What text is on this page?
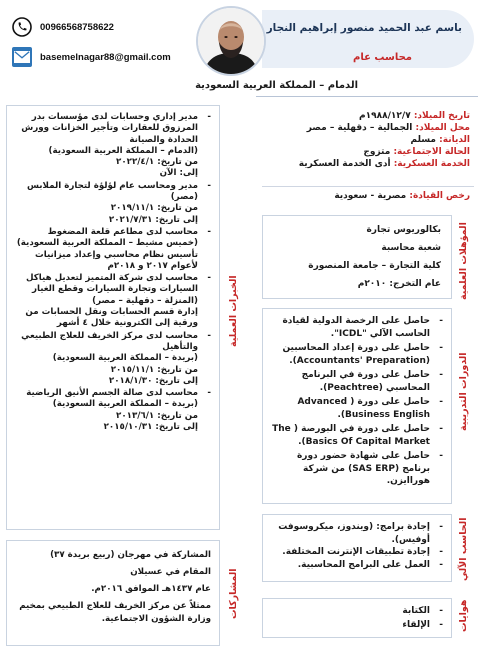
00966568758622
basemelnagar88@gmail.com
باسم عبد الحميد منصور إبراهيم النجار
محاسب عام
الدمام – المملكة العربية السعودية
تاريخ الميلاد: ١٩٨٨/١٢/٧م
محل الميلاد: الجمالية – دقهلية – مصر
الديانة: مسلم
الحالة الاجتماعية: متزوج
الخدمة العسكرية: أدى الخدمة العسكرية
رخص القيادة: مصرية - سعودية

بكالوريوس تجارة

شعبة محاسبة

كلية التجارة – جامعة المنصورة

عام التخرج: ٢٠١٠م المؤهلات العلمية
- حاصل على الرخصة الدولية لقيادة الحاسب الآلي "ICDL".
- حاصل على دورة إعداد المحاسبين (Accountants' Preparation).
- حاصل على دورة في البرنامج المحاسبي (Peachtree).
- حاصل على دورة ( Advanced Business English).
- حاصل على دورة في البورصة ( The Basics Of Capital Market).
- حاصل على شهادة حضور دورة برنامج (SAS ERP) من شركة هوراايزن.
الدورات التدريبية
- إجادة برامج: (ويندوز، ميكروسوفت أوفيس).
- إجادة تطبيقات الإنترنت المختلفة.
- العمل على البرامج المحاسبية.	الحاسب الآلي
- الكتابة
- الإلقاء	هوايات
- مدير إداري وحسابات لدى مؤسسات بدر المرزوق للعقارات وتأجير الخزانات وورش الحدادة والصيانة
(الدمام – المملكة العربية السعودية)
من تاريخ: ٢٠٢٢/٤/١
إلى: الآن
- مدير ومحاسب عام لؤلؤة لتجارة الملابس (مصر)
من تاريخ: ٢٠١٩/١١/١
إلى تاريخ: ٢٠٢١/٧/٣١
- محاسب لدى مطاعم قلعة المضغوط
(خميس مشيط – المملكة العربية السعودية)
تأسيس نظام محاسبي وإعداد ميزانيات
لأعوام ٢٠١٧ و ٢٠١٨م
- محاسب لدى شركة المتميز لتعديل هياكل السيارات وتجارة السيارات وقطع الغيار
(المنزلة – دقهلية – مصر)
إدارة قسم الحسابات ونقل الحسابات من ورقية إلى الكترونية خلال ٤ أشهر
- محاسب لدى مركز الخريف للعلاج الطبيعي والتأهيل
(بريدة – المملكة العربية السعودية)
من تاريخ: ٢٠١٥/١١/١
إلى تاريخ: ٢٠١٨/١/٣٠
- محاسب لدى صالة الجسم الأنيق الرياضية
(بريدة – المملكة العربية السعودية)
من تاريخ: ٢٠١٣/٦/١
إلى تاريخ: ٢٠١٥/١٠/٣١
الخبرات العملية

المشاركة في مهرجان (ربيع بريدة ٣٧)

المقام في عسيلان

عام ١٤٣٧هـ الموافق ٢٠١٦م.

ممثلاً عن مركز الخريف للعلاج الطبيعي بمخيم وزارة الشؤون الاجتماعية.

المشاركات
